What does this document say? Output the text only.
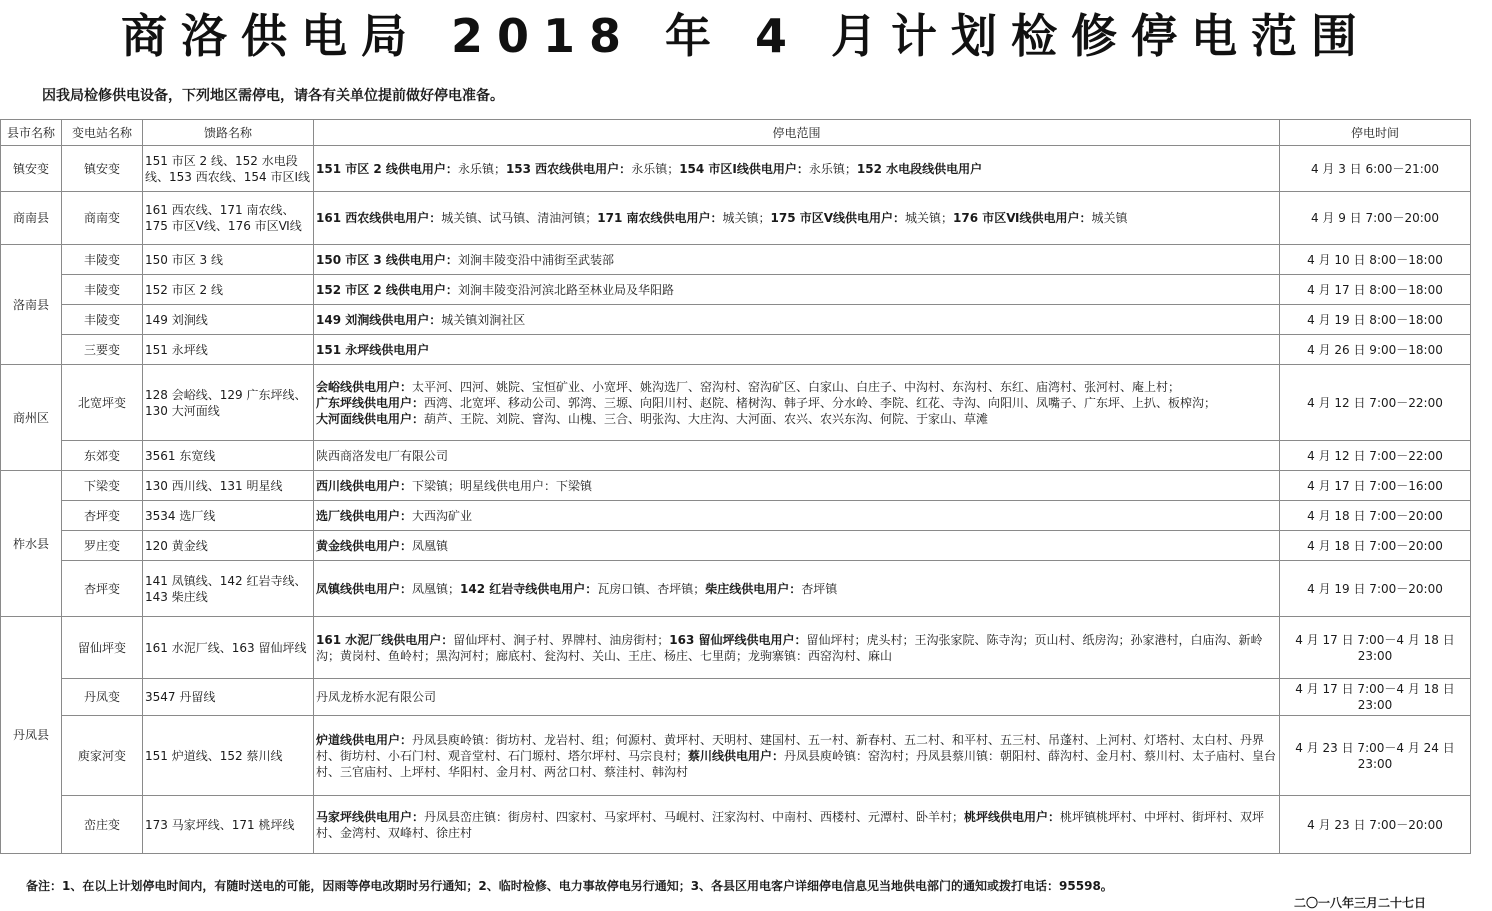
商洛供电局 2018 年 4 月计划检修停电范围
因我局检修供电设备，下列地区需停电，请各有关单位提前做好停电准备。
县市名称	变电站名称	馈路名称	停电范围	停电时间
镇安变	镇安变	151 市区 2 线、152 水电段线、153 西农线、154 市区Ⅰ线	151 市区 2 线供电用户：永乐镇；153 西农线供电用户：永乐镇；154 市区Ⅰ线供电用户：永乐镇；152 水电段线供电用户	4 月 3 日 6:00－21:00
商南县	商南变	161 西农线、171 南农线、175 市区Ⅴ线、176 市区Ⅵ线	161 西农线供电用户：城关镇、试马镇、清油河镇；171 南农线供电用户：城关镇；175 市区Ⅴ线供电用户：城关镇；176 市区Ⅵ线供电用户：城关镇	4 月 9 日 7:00－20:00
洛南县	丰陵变	150 市区 3 线	150 市区 3 线供电用户：刘涧丰陵变沿中浦街至武装部	4 月 10 日 8:00－18:00
	丰陵变	152 市区 2 线	152 市区 2 线供电用户：刘涧丰陵变沿河滨北路至林业局及华阳路	4 月 17 日 8:00－18:00
	丰陵变	149 刘涧线	149 刘涧线供电用户：城关镇刘涧社区	4 月 19 日 8:00－18:00
	三要变	151 永坪线	151 永坪线供电用户	4 月 26 日 9:00－18:00
商州区	北宽坪变	128 会峪线、129 广东坪线、130 大河面线	会峪线供电用户：太平河、四河、姚院、宝恒矿业、小宽坪、姚沟选厂、窑沟村、窑沟矿区、白家山、白庄子、中沟村、东沟村、东红、庙湾村、张河村、庵上村；
广东坪线供电用户：西湾、北宽坪、移动公司、郭湾、三塬、向阳川村、赵院、楮树沟、韩子坪、分水岭、李院、红花、寺沟、向阳川、凤嘴子、广东坪、上扒、板榨沟；
大河面线供电用户：葫芦、王院、刘院、窨沟、山槐、三合、明张沟、大庄沟、大河面、农兴、农兴东沟、何院、于家山、草滩	4 月 12 日 7:00－22:00
	东郊变	3561 东宽线	陕西商洛发电厂有限公司	4 月 12 日 7:00－22:00
柞水县	下梁变	130 西川线、131 明星线	西川线供电用户：下梁镇；明星线供电用户：下梁镇	4 月 17 日 7:00－16:00
	杏坪变	3534 选厂线	选厂线供电用户：大西沟矿业	4 月 18 日 7:00－20:00
	罗庄变	120 黄金线	黄金线供电用户：凤凰镇	4 月 18 日 7:00－20:00
	杏坪变	141 凤镇线、142 红岩寺线、143 柴庄线	凤镇线供电用户：凤凰镇；142 红岩寺线供电用户：瓦房口镇、杏坪镇；柴庄线供电用户：杏坪镇	4 月 19 日 7:00－20:00
丹凤县	留仙坪变	161 水泥厂线、163 留仙坪线	161 水泥厂线供电用户：留仙坪村、涧子村、界牌村、油房街村；163 留仙坪线供电用户：留仙坪村；虎头村；王沟张家院、陈寺沟；页山村、纸房沟；孙家港村，白庙沟、新岭沟；黄岗村、鱼岭村；黑沟河村；廊底村、瓮沟村、关山、王庄、杨庄、七里荫；龙驹寨镇：西窑沟村、麻山	4 月 17 日 7:00－4 月 18 日 23:00
	丹凤变	3547 丹留线	丹凤龙桥水泥有限公司	4 月 17 日 7:00－4 月 18 日 23:00
	庾家河变	151 炉道线、152 蔡川线	炉道线供电用户：丹凤县庾岭镇：街坊村、龙岩村、组；何源村、黄坪村、天明村、建国村、五一村、新春村、五二村、和平村、五三村、吊蓬村、上河村、灯塔村、太白村、丹界村、街坊村、小石门村、观音堂村、石门塬村、塔尔坪村、马宗良村；蔡川线供电用户：丹凤县庾岭镇：窑沟村；丹凤县蔡川镇：朝阳村、薛沟村、金月村、蔡川村、太子庙村、皇台村、三官庙村、上坪村、华阳村、金月村、两岔口村、蔡洼村、韩沟村	4 月 23 日 7:00－4 月 24 日 23:00
	峦庄变	173 马家坪线、171 桃坪线	马家坪线供电用户：丹凤县峦庄镇：街房村、四家村、马家坪村、马岘村、汪家沟村、中南村、西楼村、元潭村、卧羊村；桃坪线供电用户：桃坪镇桃坪村、中坪村、街坪村、双坪村、金湾村、双峰村、徐庄村	4 月 23 日 7:00－20:00
备注：1、在以上计划停电时间内，有随时送电的可能，因雨等停电改期时另行通知；2、临时检修、电力事故停电另行通知；3、各县区用电客户详细停电信息见当地供电部门的通知或拨打电话：95598。
二〇一八年三月二十七日
